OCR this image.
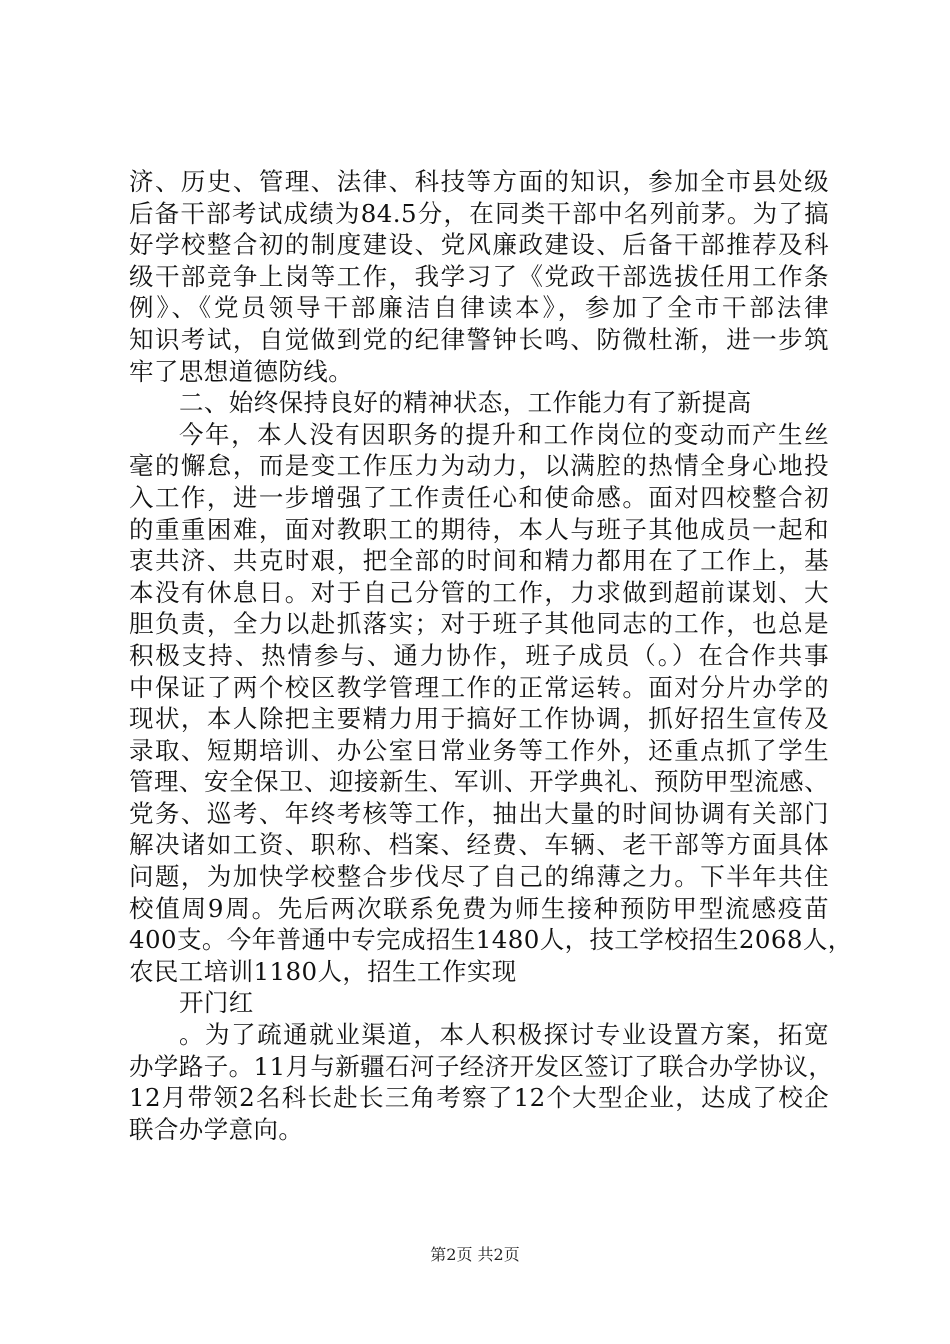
济、历史、管理、法律、科技等方面的知识，参加全市县处级
后备干部考试成绩为84.5分，在同类干部中名列前茅。为了搞
好学校整合初的制度建设、党风廉政建设、后备干部推荐及科
级干部竞争上岗等工作，我学习了《党政干部选拔任用工作条
例》、《党员领导干部廉洁自律读本》，参加了全市干部法律
知识考试，自觉做到党的纪律警钟长鸣、防微杜渐，进一步筑
牢了思想道德防线。
二、始终保持良好的精神状态，工作能力有了新提高
今年，本人没有因职务的提升和工作岗位的变动而产生丝
毫的懈怠，而是变工作压力为动力，以满腔的热情全身心地投
入工作，进一步增强了工作责任心和使命感。面对四校整合初
的重重困难，面对教职工的期待，本人与班子其他成员一起和
衷共济、共克时艰，把全部的时间和精力都用在了工作上，基
本没有休息日。对于自己分管的工作，力求做到超前谋划、大
胆负责，全力以赴抓落实；对于班子其他同志的工作，也总是
积极支持、热情参与、通力协作，班子成员（。）在合作共事
中保证了两个校区教学管理工作的正常运转。面对分片办学的
现状，本人除把主要精力用于搞好工作协调，抓好招生宣传及
录取、短期培训、办公室日常业务等工作外，还重点抓了学生
管理、安全保卫、迎接新生、军训、开学典礼、预防甲型流感、
党务、巡考、年终考核等工作，抽出大量的时间协调有关部门
解决诸如工资、职称、档案、经费、车辆、老干部等方面具体
问题，为加快学校整合步伐尽了自己的绵薄之力。下半年共住
校值周9周。先后两次联系免费为师生接种预防甲型流感疫苗
400支。今年普通中专完成招生1480人，技工学校招生2068人，
农民工培训1180人，招生工作实现
开门红
。为了疏通就业渠道，本人积极探讨专业设置方案，拓宽
办学路子。11月与新疆石河子经济开发区签订了联合办学协议，
12月带领2名科长赴长三角考察了12个大型企业，达成了校企
联合办学意向。
第2页 共2页
